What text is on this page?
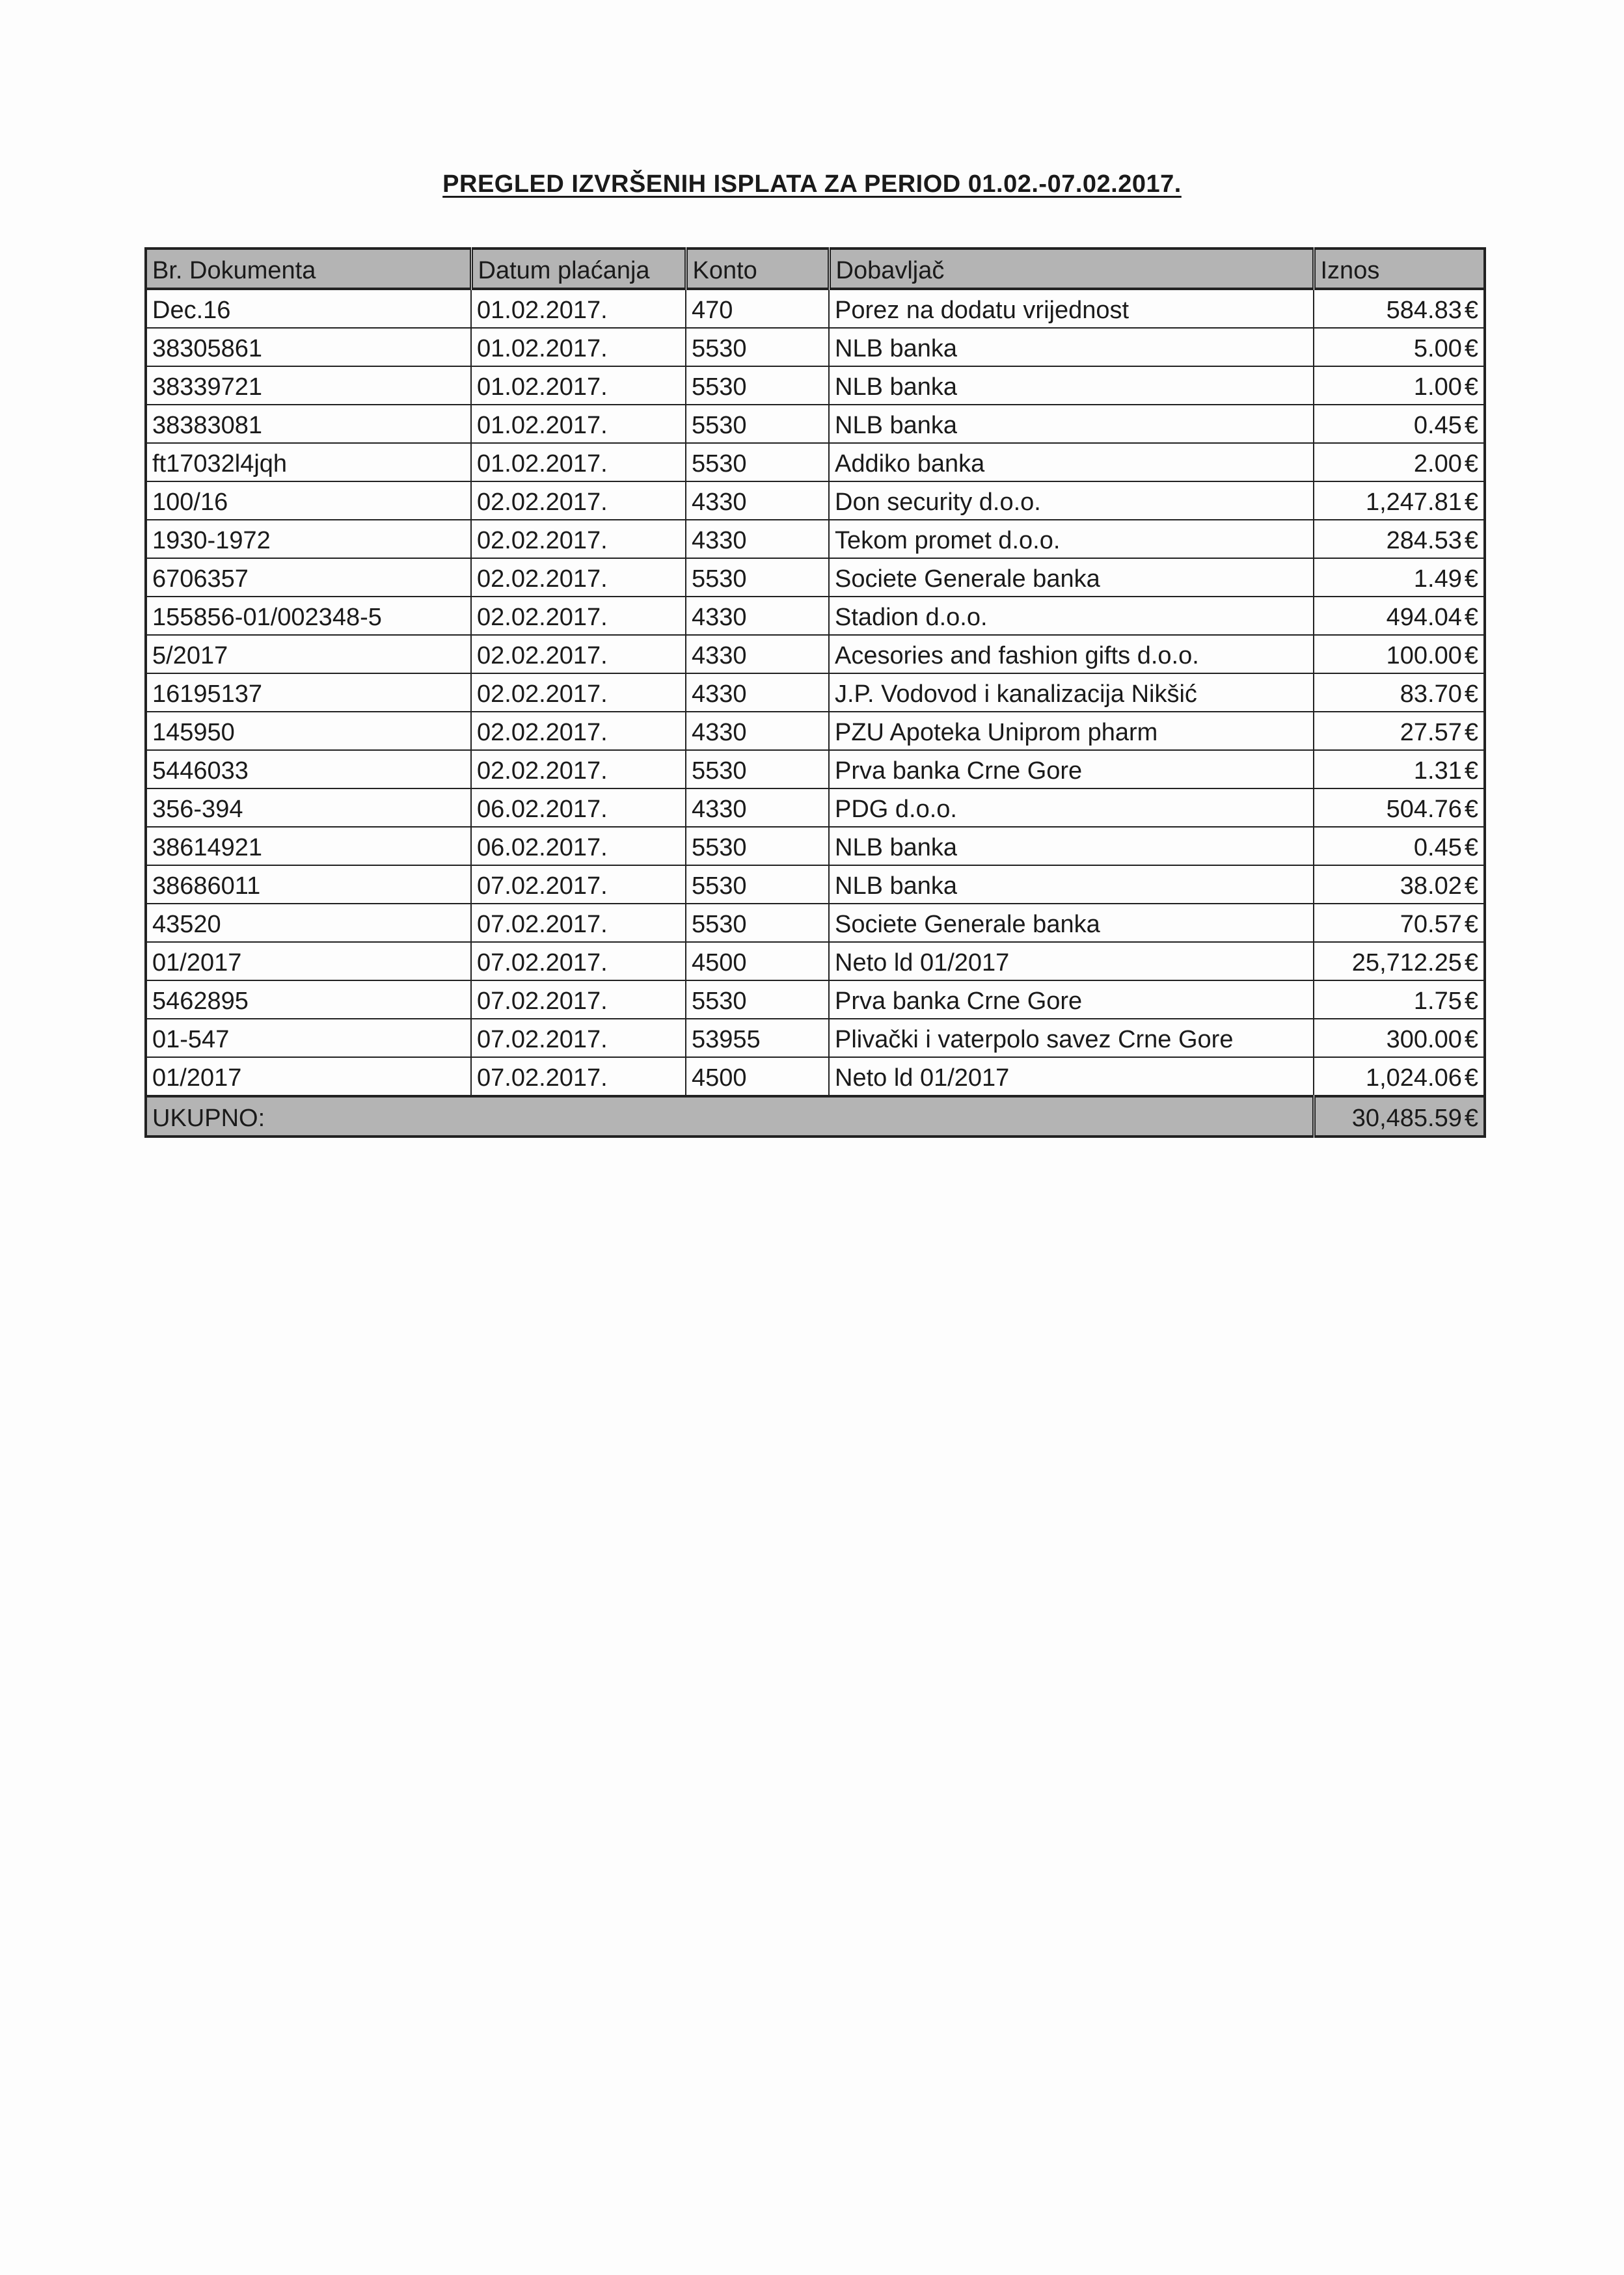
PREGLED IZVRŠENIH ISPLATA ZA PERIOD 01.02.-07.02.2017.
Br. Dokumenta	Datum plaćanja	Konto	Dobavljač	Iznos
Dec.16	01.02.2017.	470	Porez na dodatu vrijednost	584.83 €
38305861	01.02.2017.	5530	NLB banka	5.00 €
38339721	01.02.2017.	5530	NLB banka	1.00 €
38383081	01.02.2017.	5530	NLB banka	0.45 €
ft17032l4jqh	01.02.2017.	5530	Addiko banka	2.00 €
100/16	02.02.2017.	4330	Don security d.o.o.	1,247.81 €
1930-1972	02.02.2017.	4330	Tekom promet d.o.o.	284.53 €
6706357	02.02.2017.	5530	Societe Generale banka	1.49 €
155856-01/002348-5	02.02.2017.	4330	Stadion d.o.o.	494.04 €
5/2017	02.02.2017.	4330	Acesories and fashion gifts d.o.o.	100.00 €
16195137	02.02.2017.	4330	J.P. Vodovod i kanalizacija Nikšić	83.70 €
145950	02.02.2017.	4330	PZU Apoteka Uniprom pharm	27.57 €
5446033	02.02.2017.	5530	Prva banka Crne Gore	1.31 €
356-394	06.02.2017.	4330	PDG d.o.o.	504.76 €
38614921	06.02.2017.	5530	NLB banka	0.45 €
38686011	07.02.2017.	5530	NLB banka	38.02 €
43520	07.02.2017.	5530	Societe Generale banka	70.57 €
01/2017	07.02.2017.	4500	Neto ld 01/2017	25,712.25 €
5462895	07.02.2017.	5530	Prva banka Crne Gore	1.75 €
01-547	07.02.2017.	53955	Plivački i vaterpolo savez Crne Gore	300.00 €
01/2017	07.02.2017.	4500	Neto ld 01/2017	1,024.06 €
UKUPNO:				30,485.59 €
